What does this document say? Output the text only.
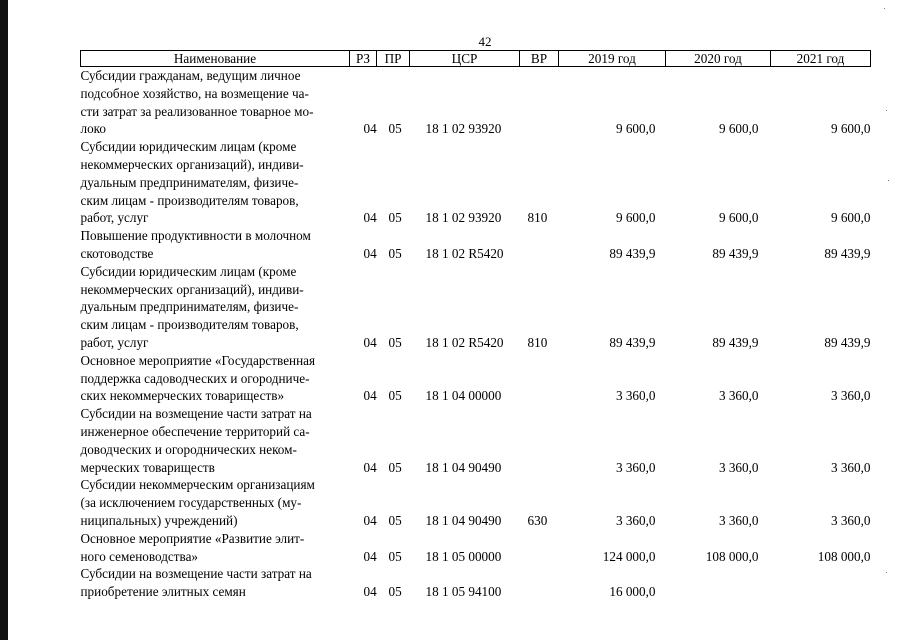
42
Наименование	РЗ	ПР	ЦСР	ВР	2019 год	2020 год	2021 год

Субсидии гражданам, ведущим личное
подсобное хозяйство, на возмещение ча-
сти затрат за реализованное товарное мо-
локо	04	05	18 1 02 93920		9 600,0	9 600,0	9 600,0

Субсидии юридическим лицам (кроме
некоммерческих организаций), индиви-
дуальным предпринимателям, физиче-
ским лицам - производителям товаров,
работ, услуг	04	05	18 1 02 93920	810	9 600,0	9 600,0	9 600,0

Повышение продуктивности в молочном
скотоводстве	04	05	18 1 02 R5420		89 439,9	89 439,9	89 439,9

Субсидии юридическим лицам (кроме
некоммерческих организаций), индиви-
дуальным предпринимателям, физиче-
ским лицам - производителям товаров,
работ, услуг	04	05	18 1 02 R5420	810	89 439,9	89 439,9	89 439,9

Основное мероприятие «Государственная
поддержка садоводческих и огородниче-
ских некоммерческих товариществ»	04	05	18 1 04 00000		3 360,0	3 360,0	3 360,0

Субсидии на возмещение части затрат на
инженерное обеспечение территорий са-
доводческих и огороднических неком-
мерческих товариществ	04	05	18 1 04 90490		3 360,0	3 360,0	3 360,0

Субсидии некоммерческим организациям
(за исключением государственных (му-
ниципальных) учреждений)	04	05	18 1 04 90490	630	3 360,0	3 360,0	3 360,0

Основное мероприятие «Развитие элит-
ного семеноводства»	04	05	18 1 05 00000		124 000,0	108 000,0	108 000,0

Субсидии на возмещение части затрат на
приобретение элитных семян	04	05	18 1 05 94100		16 000,0		
